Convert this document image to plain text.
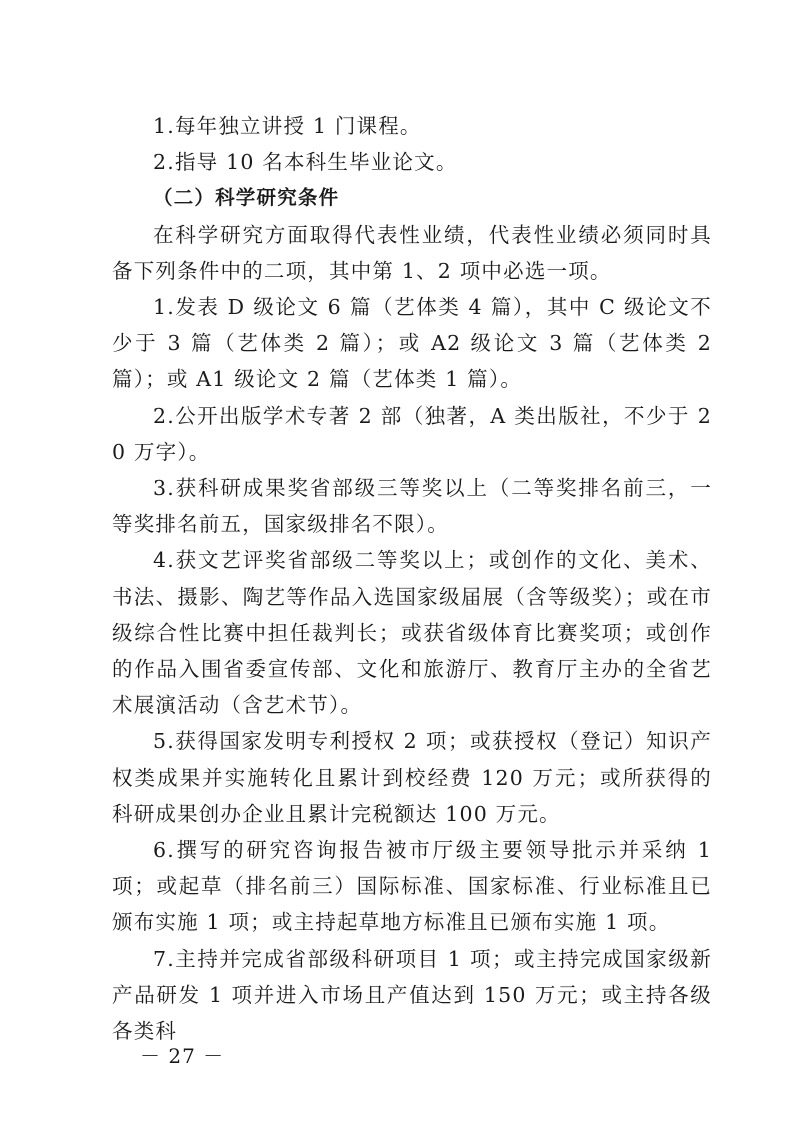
1.每年独立讲授 1 门课程。

2.指导 10 名本科生毕业论文。

（二）科学研究条件

在科学研究方面取得代表性业绩，代表性业绩必须同时具备下列条件中的二项，其中第 1、2 项中必选一项。

1.发表 D 级论文 6 篇（艺体类 4 篇），其中 C 级论文不少于 3 篇（艺体类 2 篇）；或 A2 级论文 3 篇（艺体类 2 篇）；或 A1 级论文 2 篇（艺体类 1 篇）。

2.公开出版学术专著 2 部（独著，A 类出版社，不少于 20 万字）。

3.获科研成果奖省部级三等奖以上（二等奖排名前三，一等奖排名前五，国家级排名不限）。

4.获文艺评奖省部级二等奖以上；或创作的文化、美术、书法、摄影、陶艺等作品入选国家级届展（含等级奖）；或在市级综合性比赛中担任裁判长；或获省级体育比赛奖项；或创作的作品入围省委宣传部、文化和旅游厅、教育厅主办的全省艺术展演活动（含艺术节）。

5.获得国家发明专利授权 2 项；或获授权（登记）知识产权类成果并实施转化且累计到校经费 120 万元；或所获得的科研成果创办企业且累计完税额达 100 万元。

6.撰写的研究咨询报告被市厅级主要领导批示并采纳 1 项；或起草（排名前三）国际标准、国家标准、行业标准且已颁布实施 1 项；或主持起草地方标准且已颁布实施 1 项。

7.主持并完成省部级科研项目 1 项；或主持完成国家级新产品研发 1 项并进入市场且产值达到 150 万元；或主持各级各类科

－ 27 －
